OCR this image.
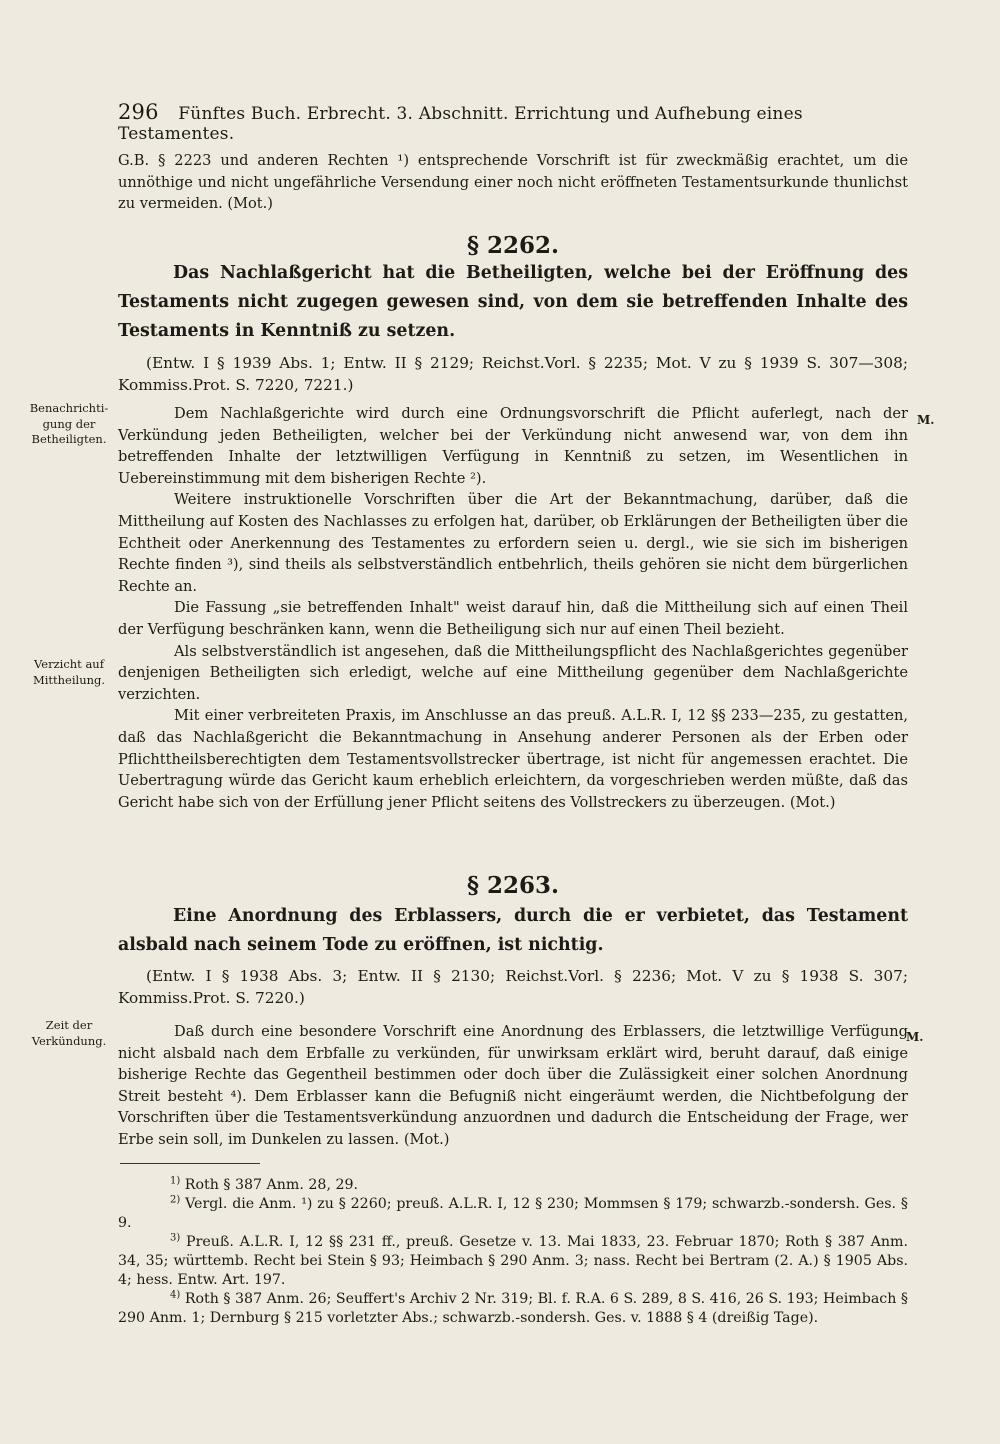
296 Fünftes Buch. Erbrecht. 3. Abschnitt. Errichtung und Aufhebung eines Testamentes.

G.B. § 2223 und anderen Rechten ¹) entsprechende Vorschrift ist für zweckmäßig erachtet, um die unnöthige und nicht ungefährliche Versendung einer noch nicht eröffneten Testamentsurkunde thunlichst zu vermeiden. (Mot.)

§ 2262.

Das Nachlaßgericht hat die Betheiligten, welche bei der Eröffnung des Testaments nicht zugegen gewesen sind, von dem sie betreffenden Inhalte des Testaments in Kenntniß zu setzen.

(Entw. I § 1939 Abs. 1; Entw. II § 2129; Reichst.Vorl. § 2235; Mot. V zu § 1939 S. 307—308; Kommiss.Prot. S. 7220, 7221.)

Benachrichti-gung der Betheiligten.
M.

Dem Nachlaßgerichte wird durch eine Ordnungsvorschrift die Pflicht auferlegt, nach der Verkündung jeden Betheiligten, welcher bei der Verkündung nicht anwesend war, von dem ihn betreffenden Inhalte der letztwilligen Verfügung in Kenntniß zu setzen, im Wesentlichen in Uebereinstimmung mit dem bisherigen Rechte ²).

Weitere instruktionelle Vorschriften über die Art der Bekanntmachung, darüber, daß die Mittheilung auf Kosten des Nachlasses zu erfolgen hat, darüber, ob Erklärungen der Betheiligten über die Echtheit oder Anerkennung des Testamentes zu erfordern seien u. dergl., wie sie sich im bisherigen Rechte finden ³), sind theils als selbstverständlich entbehrlich, theils gehören sie nicht dem bürgerlichen Rechte an.

Die Fassung „sie betreffenden Inhalt" weist darauf hin, daß die Mittheilung sich auf einen Theil der Verfügung beschränken kann, wenn die Betheiligung sich nur auf einen Theil bezieht.

Als selbstverständlich ist angesehen, daß die Mittheilungspflicht des Nachlaßgerichtes gegenüber denjenigen Betheiligten sich erledigt, welche auf eine Mittheilung gegenüber dem Nachlaßgerichte verzichten.

Mit einer verbreiteten Praxis, im Anschlusse an das preuß. A.L.R. I, 12 §§ 233—235, zu gestatten, daß das Nachlaßgericht die Bekanntmachung in Ansehung anderer Personen als der Erben oder Pflichttheilsberechtigten dem Testamentsvollstrecker übertrage, ist nicht für angemessen erachtet. Die Uebertragung würde das Gericht kaum erheblich erleichtern, da vorgeschrieben werden müßte, daß das Gericht habe sich von der Erfüllung jener Pflicht seitens des Vollstreckers zu überzeugen. (Mot.)

Verzicht auf Mittheilung.
§ 2263.

Eine Anordnung des Erblassers, durch die er verbietet, das Testament alsbald nach seinem Tode zu eröffnen, ist nichtig.

(Entw. I § 1938 Abs. 3; Entw. II § 2130; Reichst.Vorl. § 2236; Mot. V zu § 1938 S. 307; Kommiss.Prot. S. 7220.)

Zeit der Verkündung.	M.

Daß durch eine besondere Vorschrift eine Anordnung des Erblassers, die letztwillige Verfügung nicht alsbald nach dem Erbfalle zu verkünden, für unwirksam erklärt wird, beruht darauf, daß einige bisherige Rechte das Gegentheil bestimmen oder doch über die Zulässigkeit einer solchen Anordnung Streit besteht ⁴). Dem Erblasser kann die Befugniß nicht eingeräumt werden, die Nichtbefolgung der Vorschriften über die Testamentsverkündung anzuordnen und dadurch die Entscheidung der Frage, wer Erbe sein soll, im Dunkelen zu lassen. (Mot.)

$^{1)}$ Roth § 387 Anm. 28, 29.
$^{2)}$ Vergl. die Anm. ¹) zu § 2260; preuß. A.L.R. I, 12 § 230; Mommsen § 179; schwarzb.-sondersh. Ges. § 9.
$^{3)}$ Preuß. A.L.R. I, 12 §§ 231 ff., preuß. Gesetze v. 13. Mai 1833, 23. Februar 1870; Roth § 387 Anm. 34, 35; württemb. Recht bei Stein § 93; Heimbach § 290 Anm. 3; nass. Recht bei Bertram (2. A.) § 1905 Abs. 4; hess. Entw. Art. 197.
$^{4)}$ Roth § 387 Anm. 26; Seuffert's Archiv 2 Nr. 319; Bl. f. R.A. 6 S. 289, 8 S. 416, 26 S. 193; Heimbach § 290 Anm. 1; Dernburg § 215 vorletzter Abs.; schwarzb.-sondersh. Ges. v. 1888 § 4 (dreißig Tage).
